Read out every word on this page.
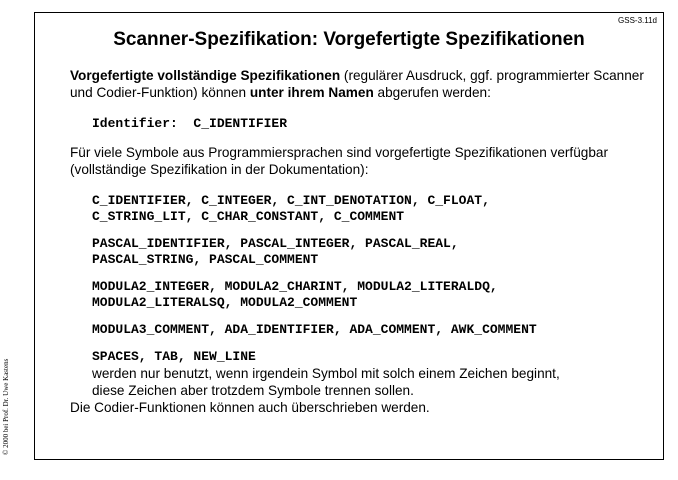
GSS-3.11d
Scanner-Spezifikation: Vorgefertigte Spezifikationen

Vorgefertigte vollständige Spezifikationen (regulärer Ausdruck, ggf. programmierter Scanner und Codier-Funktion) können unter ihrem Namen abgerufen werden:

Identifier:  C_IDENTIFIER

Für viele Symbole aus Programmiersprachen sind vorgefertigte Spezifikationen verfügbar (vollständige Spezifikation in der Dokumentation):

C_IDENTIFIER, C_INTEGER, C_INT_DENOTATION, C_FLOAT,
C_STRING_LIT, C_CHAR_CONSTANT, C_COMMENT
PASCAL_IDENTIFIER, PASCAL_INTEGER, PASCAL_REAL,
PASCAL_STRING, PASCAL_COMMENT
MODULA2_INTEGER, MODULA2_CHARINT, MODULA2_LITERALDQ,
MODULA2_LITERALSQ, MODULA2_COMMENT
MODULA3_COMMENT, ADA_IDENTIFIER, ADA_COMMENT, AWK_COMMENT
SPACES, TAB, NEW_LINE
werden nur benutzt, wenn irgendein Symbol mit solch einem Zeichen beginnt,
diese Zeichen aber trotzdem Symbole trennen sollen.

Die Codier-Funktionen können auch überschrieben werden.

© 2000 bei Prof. Dr. Uwe Kastens
